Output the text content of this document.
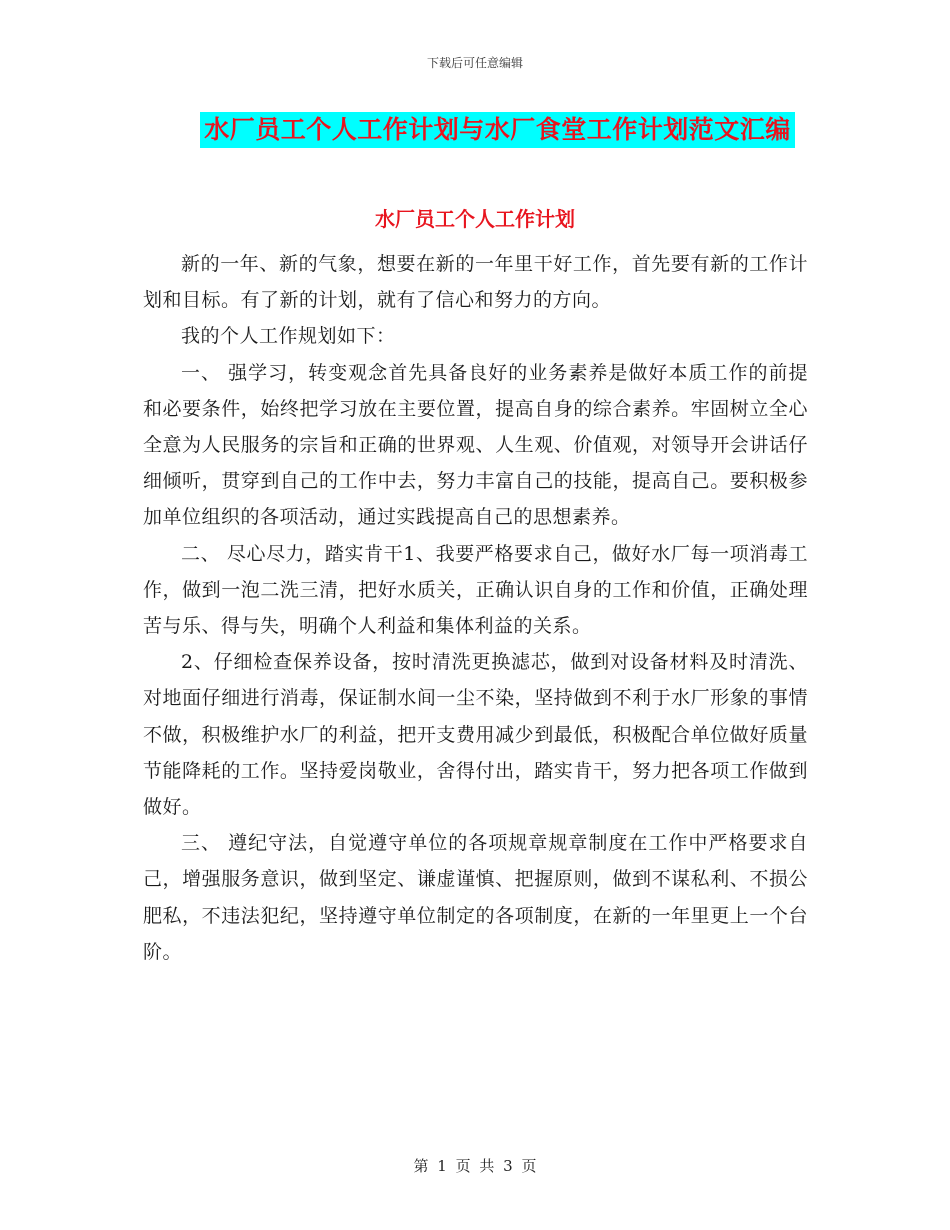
下载后可任意编辑
水厂员工个人工作计划与水厂食堂工作计划范文汇编
水厂员工个人工作计划

新的一年、新的气象，想要在新的一年里干好工作，首先要有新的工作计划和目标。有了新的计划，就有了信心和努力的方向。

我的个人工作规划如下：

一、 强学习，转变观念首先具备良好的业务素养是做好本质工作的前提和必要条件，始终把学习放在主要位置，提高自身的综合素养。牢固树立全心全意为人民服务的宗旨和正确的世界观、人生观、价值观，对领导开会讲话仔细倾听，贯穿到自己的工作中去，努力丰富自己的技能，提高自己。要积极参加单位组织的各项活动，通过实践提高自己的思想素养。

二、 尽心尽力，踏实肯干1、我要严格要求自己，做好水厂每一项消毒工作，做到一泡二洗三清，把好水质关，正确认识自身的工作和价值，正确处理苦与乐、得与失，明确个人利益和集体利益的关系。

2、仔细检查保养设备，按时清洗更换滤芯，做到对设备材料及时清洗、对地面仔细进行消毒，保证制水间一尘不染，坚持做到不利于水厂形象的事情不做，积极维护水厂的利益，把开支费用减少到最低，积极配合单位做好质量节能降耗的工作。坚持爱岗敬业，舍得付出，踏实肯干，努力把各项工作做到做好。

三、 遵纪守法，自觉遵守单位的各项规章规章制度在工作中严格要求自己，增强服务意识，做到坚定、谦虚谨慎、把握原则，做到不谋私利、不损公肥私，不违法犯纪，坚持遵守单位制定的各项制度，在新的一年里更上一个台阶。

第 1 页 共 3 页
